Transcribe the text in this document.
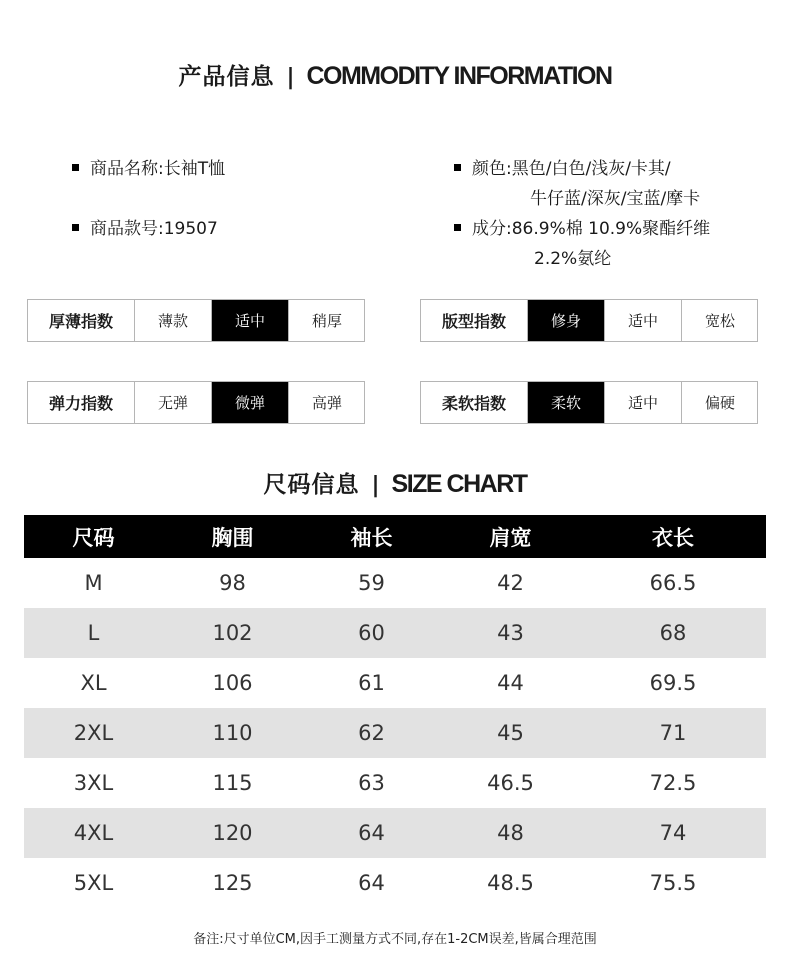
产品信息 | COMMODITY INFORMATION
商品名称:长袖T恤
商品款号:19507
颜色:黑色/白色/浅灰/卡其/
牛仔蓝/深灰/宝蓝/摩卡
成分:86.9%棉 10.9%聚酯纤维
2.2%氨纶
厚薄指数	薄款	适中	稍厚	版型指数	修身	适中	宽松
弹力指数	无弹	微弹	高弹	柔软指数	柔软	适中	偏硬
尺码信息 | SIZE CHART
尺码	胸围	袖长	肩宽	衣长
M	98	59	42	66.5
L	102	60	43	68
XL	106	61	44	69.5
2XL	110	62	45	71
3XL	115	63	46.5	72.5
4XL	120	64	48	74
5XL	125	64	48.5	75.5
备注:尺寸单位CM,因手工测量方式不同,存在1-2CM误差,皆属合理范围
